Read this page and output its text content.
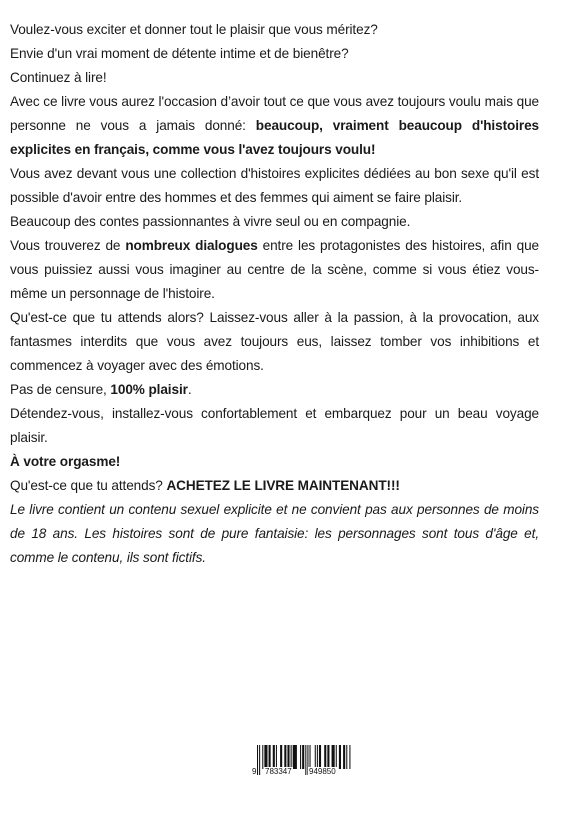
Voulez-vous exciter et donner tout le plaisir que vous méritez?

Envie d'un vrai moment de détente intime et de bienêtre?

Continuez à lire!

Avec ce livre vous aurez l'occasion d’avoir tout ce que vous avez toujours voulu mais que personne ne vous a jamais donné: beaucoup, vraiment beaucoup d'histoires explicites en français, comme vous l'avez toujours voulu!

Vous avez devant vous une collection d'histoires explicites dédiées au bon sexe qu'il est possible d'avoir entre des hommes et des femmes qui aiment se faire plaisir.

Beaucoup des contes passionnantes à vivre seul ou en compagnie.

Vous trouverez de nombreux dialogues entre les protagonistes des histoires, afin que vous puissiez aussi vous imaginer au centre de la scène, comme si vous étiez vous-même un personnage de l'histoire.

Qu'est-ce que tu attends alors? Laissez-vous aller à la passion, à la provocation, aux fantasmes interdits que vous avez toujours eus, laissez tomber vos inhibitions et commencez à voyager avec des émotions.

Pas de censure, 100% plaisir.

Détendez-vous, installez-vous confortablement et embarquez pour un beau voyage plaisir.

À votre orgasme!

Qu'est-ce que tu attends? ACHETEZ LE LIVRE MAINTENANT!!!

Le livre contient un contenu sexuel explicite et ne convient pas aux personnes de moins de 18 ans. Les histoires sont de pure fantaisie: les personnages sont tous d'âge et, comme le contenu, ils sont fictifs.

9 783347 949850
